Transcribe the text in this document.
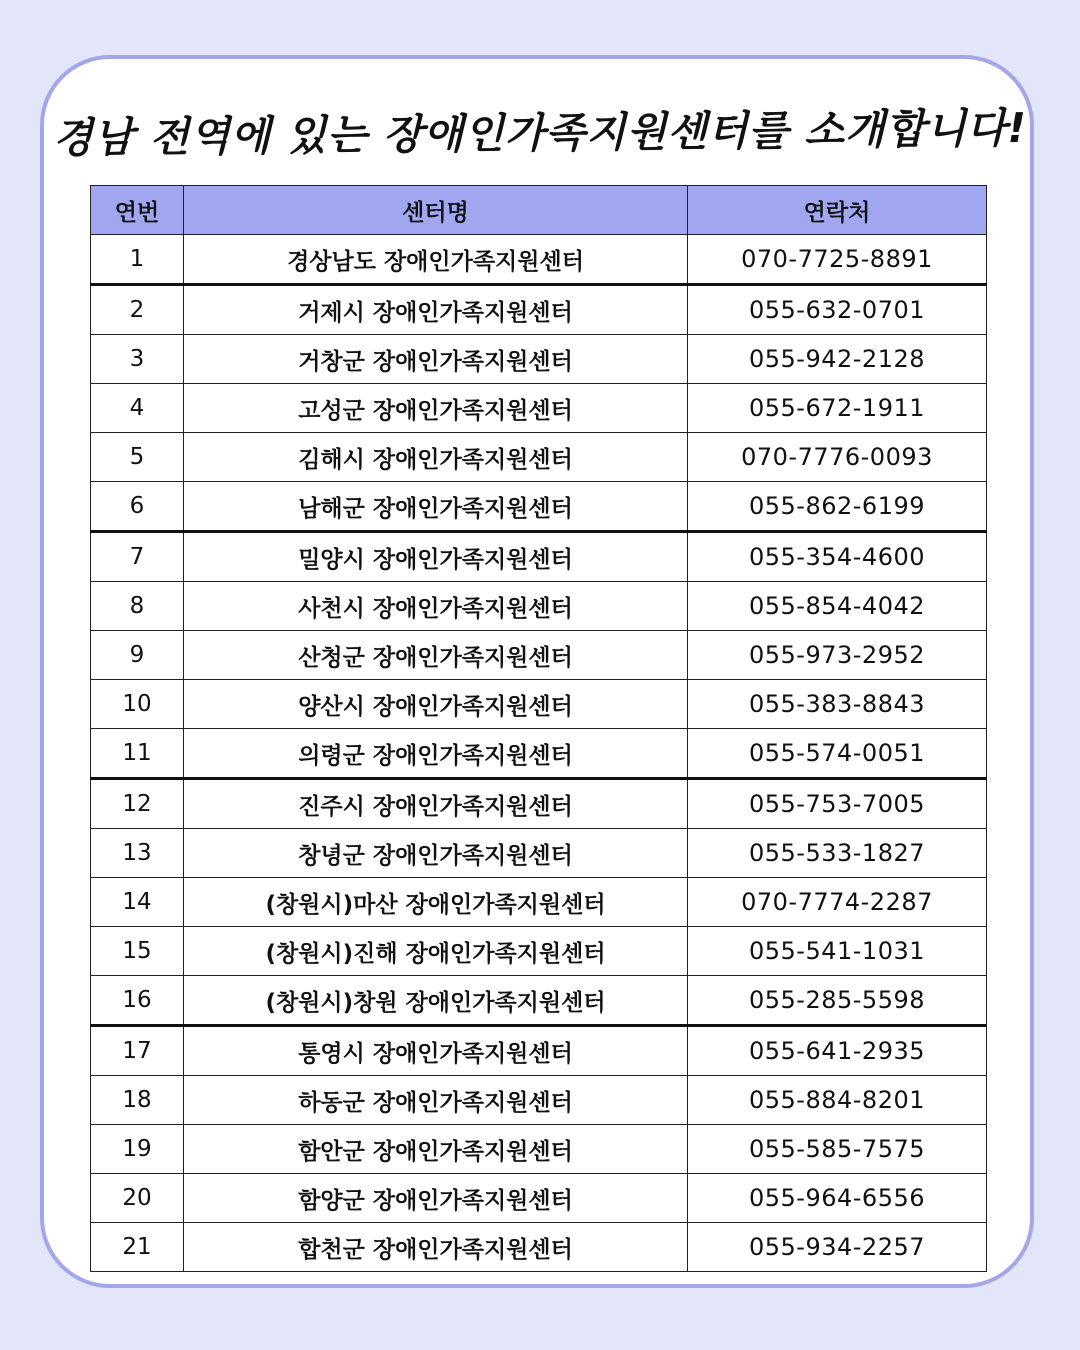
경남 전역에 있는 장애인가족지원센터를 소개합니다!
연번	센터명	연락처
1	경상남도 장애인가족지원센터	070-7725-8891
2	거제시 장애인가족지원센터	055-632-0701
3	거창군 장애인가족지원센터	055-942-2128
4	고성군 장애인가족지원센터	055-672-1911
5	김해시 장애인가족지원센터	070-7776-0093
6	남해군 장애인가족지원센터	055-862-6199
7	밀양시 장애인가족지원센터	055-354-4600
8	사천시 장애인가족지원센터	055-854-4042
9	산청군 장애인가족지원센터	055-973-2952
10	양산시 장애인가족지원센터	055-383-8843
11	의령군 장애인가족지원센터	055-574-0051
12	진주시 장애인가족지원센터	055-753-7005
13	창녕군 장애인가족지원센터	055-533-1827
14	(창원시)마산 장애인가족지원센터	070-7774-2287
15	(창원시)진해 장애인가족지원센터	055-541-1031
16	(창원시)창원 장애인가족지원센터	055-285-5598
17	통영시 장애인가족지원센터	055-641-2935
18	하동군 장애인가족지원센터	055-884-8201
19	함안군 장애인가족지원센터	055-585-7575
20	함양군 장애인가족지원센터	055-964-6556
21	합천군 장애인가족지원센터	055-934-2257
